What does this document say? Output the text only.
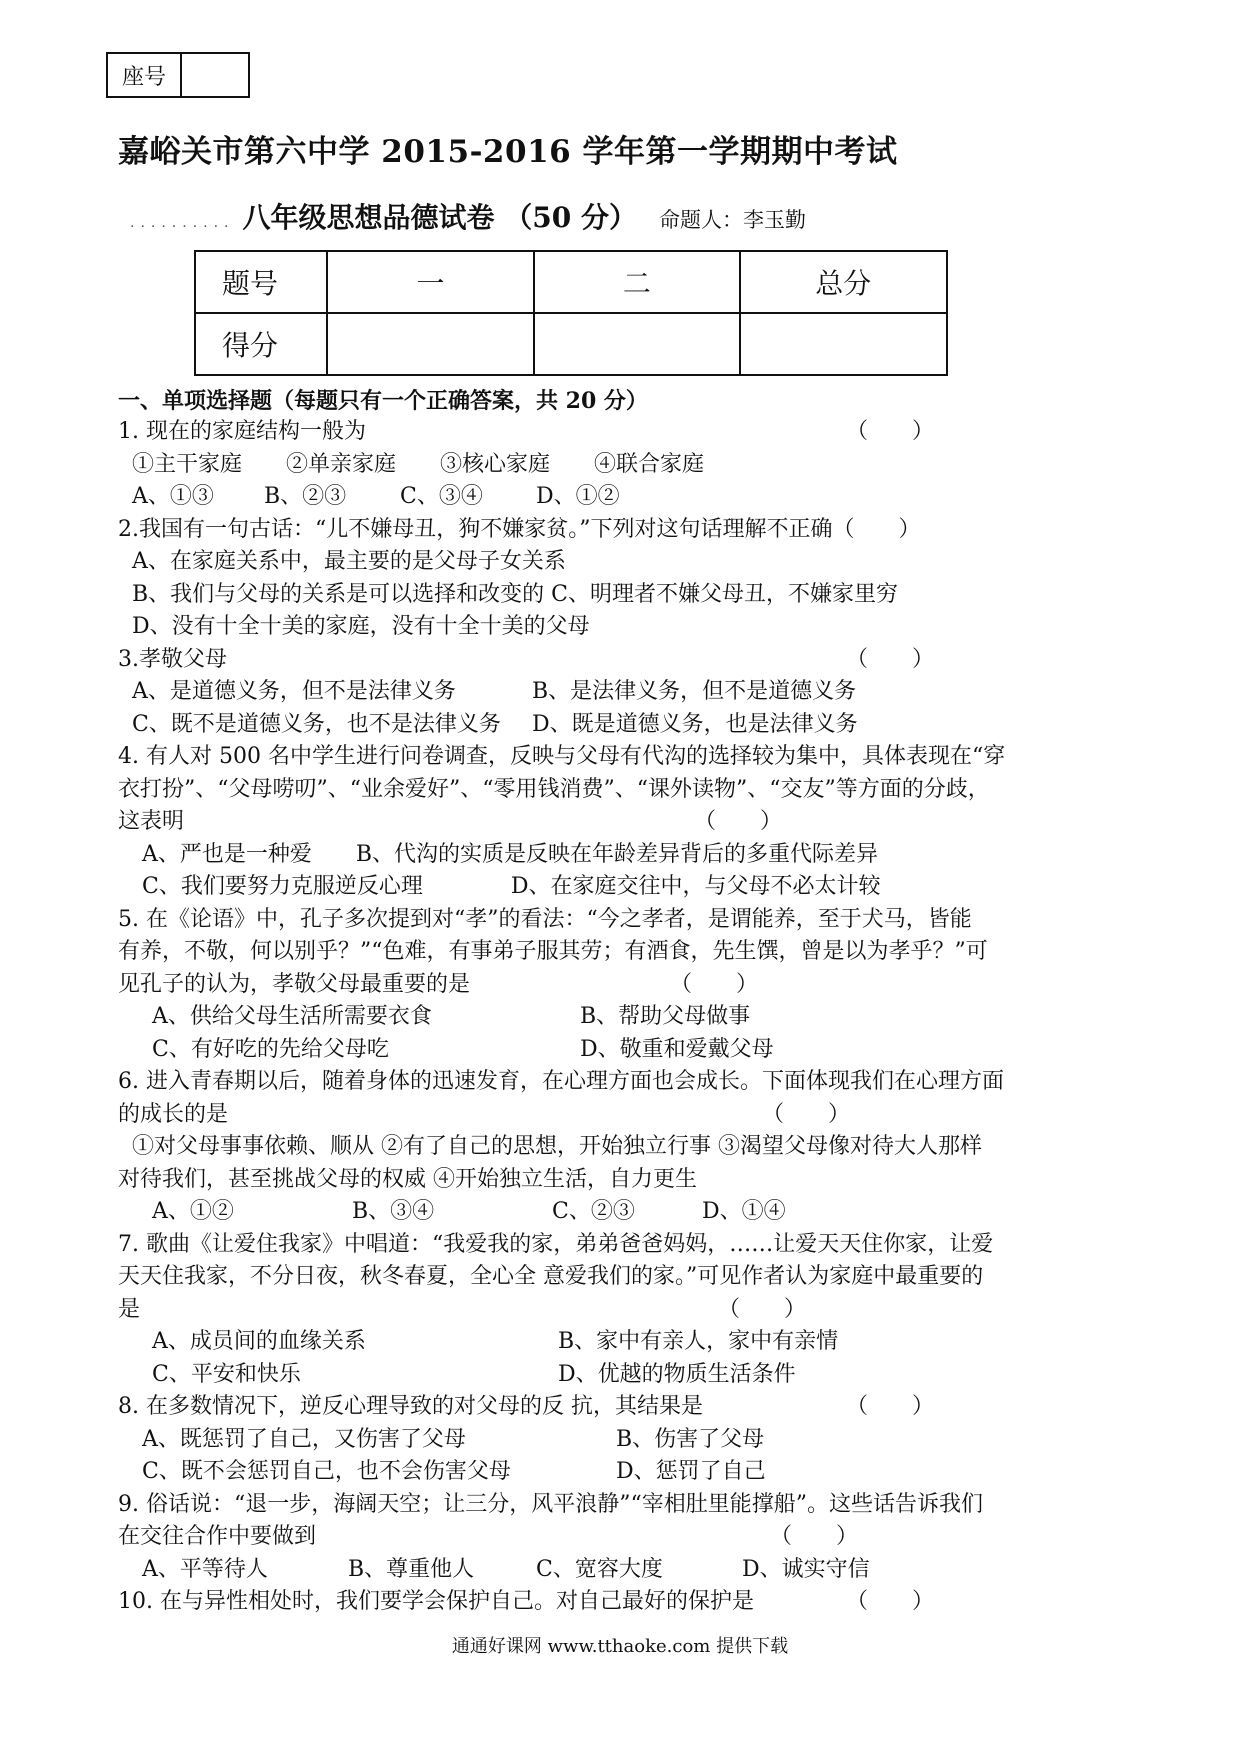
座号
嘉峪关市第六中学 2015-2016 学年第一学期期中考试
.......... 八年级思想品德试卷 （50 分） 命题人：李玉勤
题号	一	二	总分
得分			
一、单项选择题（每题只有一个正确答案，共 20 分）
1. 现在的家庭结构一般为	（　　）
①主干家庭　　②单亲家庭　　③核心家庭　　④联合家庭
A、①③ B、②③ C、③④ D、①②
2.我国有一句古话：“儿不嫌母丑，狗不嫌家贫。”下列对这句话理解不正确（　　）
A、在家庭关系中，最主要的是父母子女关系
B、我们与父母的关系是可以选择和改变的 C、明理者不嫌父母丑，不嫌家里穷
D、没有十全十美的家庭，没有十全十美的父母
3.孝敬父母	（　　）
A、是道德义务，但不是法律义务	B、是法律义务，但不是道德义务
C、既不是道德义务，也不是法律义务 D、既是道德义务，也是法律义务
4. 有人对 500 名中学生进行问卷调查，反映与父母有代沟的选择较为集中，具体表现在“穿
衣打扮”、“父母唠叨”、“业余爱好”、“零用钱消费”、“课外读物”、“交友”等方面的分歧，
这表明	（　　）
A、严也是一种爱　　B、代沟的实质是反映在年龄差异背后的多重代际差异
C、我们要努力克服逆反心理　　　　D、在家庭交往中，与父母不必太计较
5. 在《论语》中，孔子多次提到对“孝”的看法：“今之孝者，是谓能养，至于犬马，皆能
有养，不敬，何以别乎？”“色难，有事弟子服其劳；有酒食，先生馔，曾是以为孝乎？”可
见孔子的认为，孝敬父母最重要的是	（　　）
A、供给父母生活所需要衣食	B、帮助父母做事
C、有好吃的先给父母吃	D、敬重和爱戴父母
6. 进入青春期以后，随着身体的迅速发育，在心理方面也会成长。下面体现我们在心理方面
的成长的是	（　　）
①对父母事事依赖、顺从 ②有了自己的思想，开始独立行事 ③渴望父母像对待大人那样
对待我们，甚至挑战父母的权威 ④开始独立生活，自力更生
A、①②	B、③④	C、②③	D、①④
7. 歌曲《让爱住我家》中唱道：“我爱我的家，弟弟爸爸妈妈，……让爱天天住你家，让爱
天天住我家，不分日夜，秋冬春夏，全心全 意爱我们的家。”可见作者认为家庭中最重要的
是	（　　）
A、成员间的血缘关系	B、家中有亲人，家中有亲情
C、平安和快乐	D、优越的物质生活条件
8. 在多数情况下，逆反心理导致的对父母的反 抗，其结果是	（　　）
A、既惩罚了自己，又伤害了父母	B、伤害了父母
C、既不会惩罚自己，也不会伤害父母	D、惩罚了自己
9. 俗话说：“退一步，海阔天空；让三分，风平浪静”“宰相肚里能撑船”。这些话告诉我们
在交往合作中要做到	（　　）
A、平等待人	B、尊重他人	C、宽容大度	D、诚实守信
10. 在与异性相处时，我们要学会保护自己。对自己最好的保护是	（　　）
通通好课网 www.tthaoke.com 提供下载
